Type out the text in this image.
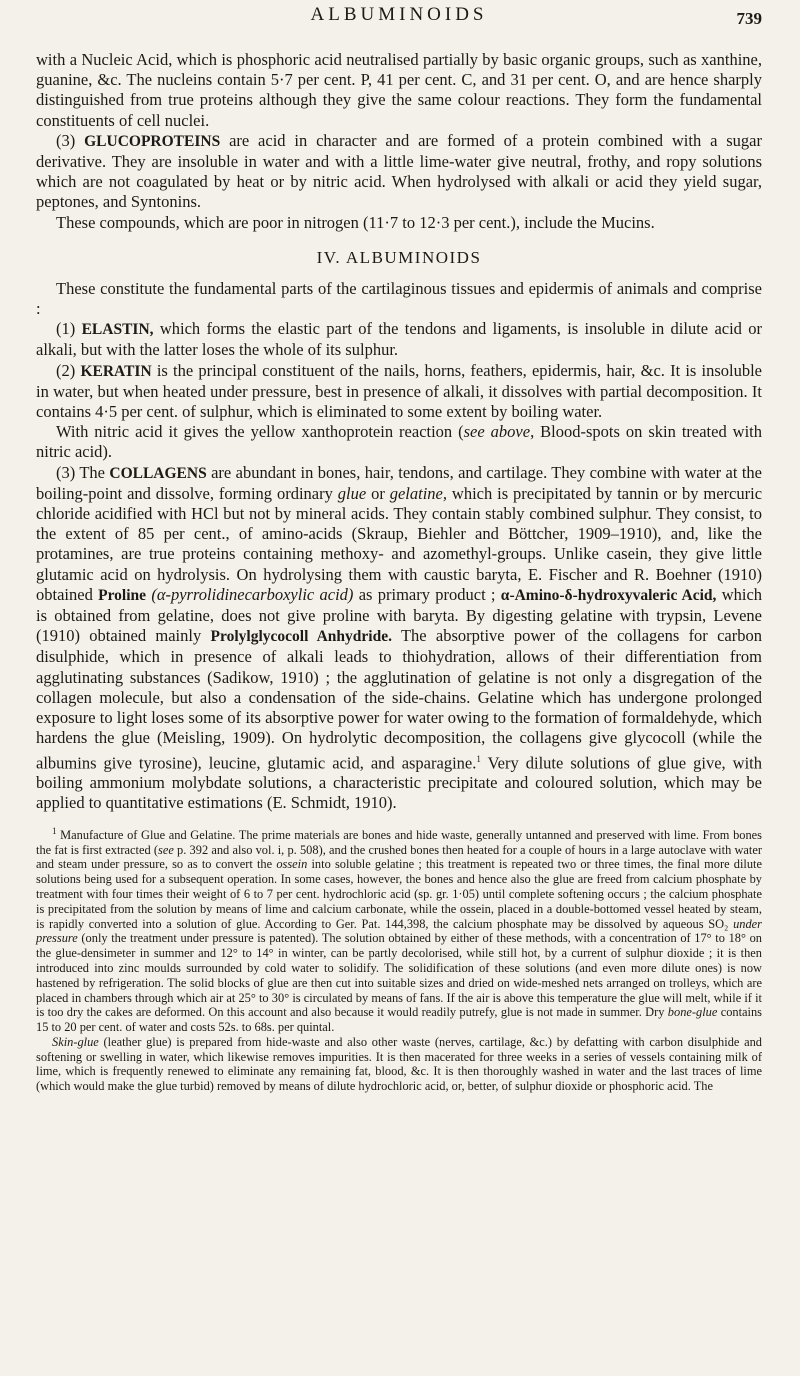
ALBUMINOIDS	739

with a Nucleic Acid, which is phosphoric acid neutralised partially by basic organic groups, such as xanthine, guanine, &c. The nucleins contain 5·7 per cent. P, 41 per cent. C, and 31 per cent. O, and are hence sharply distinguished from true proteins although they give the same colour reactions. They form the fundamental constituents of cell nuclei.

(3) GLUCOPROTEINS are acid in character and are formed of a protein combined with a sugar derivative. They are insoluble in water and with a little lime-water give neutral, frothy, and ropy solutions which are not coagulated by heat or by nitric acid. When hydrolysed with alkali or acid they yield sugar, peptones, and Syntonins.

These compounds, which are poor in nitrogen (11·7 to 12·3 per cent.), include the Mucins.

IV. ALBUMINOIDS

These constitute the fundamental parts of the cartilaginous tissues and epidermis of animals and comprise :

(1) ELASTIN, which forms the elastic part of the tendons and ligaments, is insoluble in dilute acid or alkali, but with the latter loses the whole of its sulphur.

(2) KERATIN is the principal constituent of the nails, horns, feathers, epidermis, hair, &c. It is insoluble in water, but when heated under pressure, best in presence of alkali, it dissolves with partial decomposition. It contains 4·5 per cent. of sulphur, which is eliminated to some extent by boiling water.

With nitric acid it gives the yellow xanthoprotein reaction (see above, Blood-spots on skin treated with nitric acid).

(3) The COLLAGENS are abundant in bones, hair, tendons, and cartilage. They combine with water at the boiling-point and dissolve, forming ordinary glue or gelatine, which is precipitated by tannin or by mercuric chloride acidified with HCl but not by mineral acids. They contain stably combined sulphur. They consist, to the extent of 85 per cent., of amino-acids (Skraup, Biehler and Böttcher, 1909–1910), and, like the protamines, are true proteins containing methoxy- and azomethyl-groups. Unlike casein, they give little glutamic acid on hydrolysis. On hydrolysing them with caustic baryta, E. Fischer and R. Boehner (1910) obtained Proline (α-pyrrolidinecarboxylic acid) as primary product ; α-Amino-δ-hydroxyvaleric Acid, which is obtained from gelatine, does not give proline with baryta. By digesting gelatine with trypsin, Levene (1910) obtained mainly Prolylglycocoll Anhydride. The absorptive power of the collagens for carbon disulphide, which in presence of alkali leads to thiohydration, allows of their differentiation from agglutinating substances (Sadikow, 1910) ; the agglutination of gelatine is not only a disgregation of the collagen molecule, but also a condensation of the side-chains. Gelatine which has undergone prolonged exposure to light loses some of its absorptive power for water owing to the formation of formaldehyde, which hardens the glue (Meisling, 1909). On hydrolytic decomposition, the collagens give glycocoll (while the albumins give tyrosine), leucine, glutamic acid, and asparagine.$^1$ Very dilute solutions of glue give, with boiling ammonium molybdate solutions, a characteristic precipitate and coloured solution, which may be applied to quantitative estimations (E. Schmidt, 1910).

$^1$ Manufacture of Glue and Gelatine. The prime materials are bones and hide waste, generally untanned and preserved with lime. From bones the fat is first extracted (see p. 392 and also vol. i, p. 508), and the crushed bones then heated for a couple of hours in a large autoclave with water and steam under pressure, so as to convert the ossein into soluble gelatine ; this treatment is repeated two or three times, the final more dilute solutions being used for a subsequent operation. In some cases, however, the bones and hence also the glue are freed from calcium phosphate by treatment with four times their weight of 6 to 7 per cent. hydrochloric acid (sp. gr. 1·05) until complete softening occurs ; the calcium phosphate is precipitated from the solution by means of lime and calcium carbonate, while the ossein, placed in a double-bottomed vessel heated by steam, is rapidly converted into a solution of glue. According to Ger. Pat. 144,398, the calcium phosphate may be dissolved by aqueous SO₂ under pressure (only the treatment under pressure is patented). The solution obtained by either of these methods, with a concentration of 17° to 18° on the glue-densimeter in summer and 12° to 14° in winter, can be partly decolorised, while still hot, by a current of sulphur dioxide ; it is then introduced into zinc moulds surrounded by cold water to solidify. The solidification of these solutions (and even more dilute ones) is now hastened by refrigeration. The solid blocks of glue are then cut into suitable sizes and dried on wide-meshed nets arranged on trolleys, which are placed in chambers through which air at 25° to 30° is circulated by means of fans. If the air is above this temperature the glue will melt, while if it is too dry the cakes are deformed. On this account and also because it would readily putrefy, glue is not made in summer. Dry bone-glue contains 15 to 20 per cent. of water and costs 52s. to 68s. per quintal.

Skin-glue (leather glue) is prepared from hide-waste and also other waste (nerves, cartilage, &c.) by defatting with carbon disulphide and softening or swelling in water, which likewise removes impurities. It is then macerated for three weeks in a series of vessels containing milk of lime, which is frequently renewed to eliminate any remaining fat, blood, &c. It is then thoroughly washed in water and the last traces of lime (which would make the glue turbid) removed by means of dilute hydrochloric acid, or, better, of sulphur dioxide or phosphoric acid. The
